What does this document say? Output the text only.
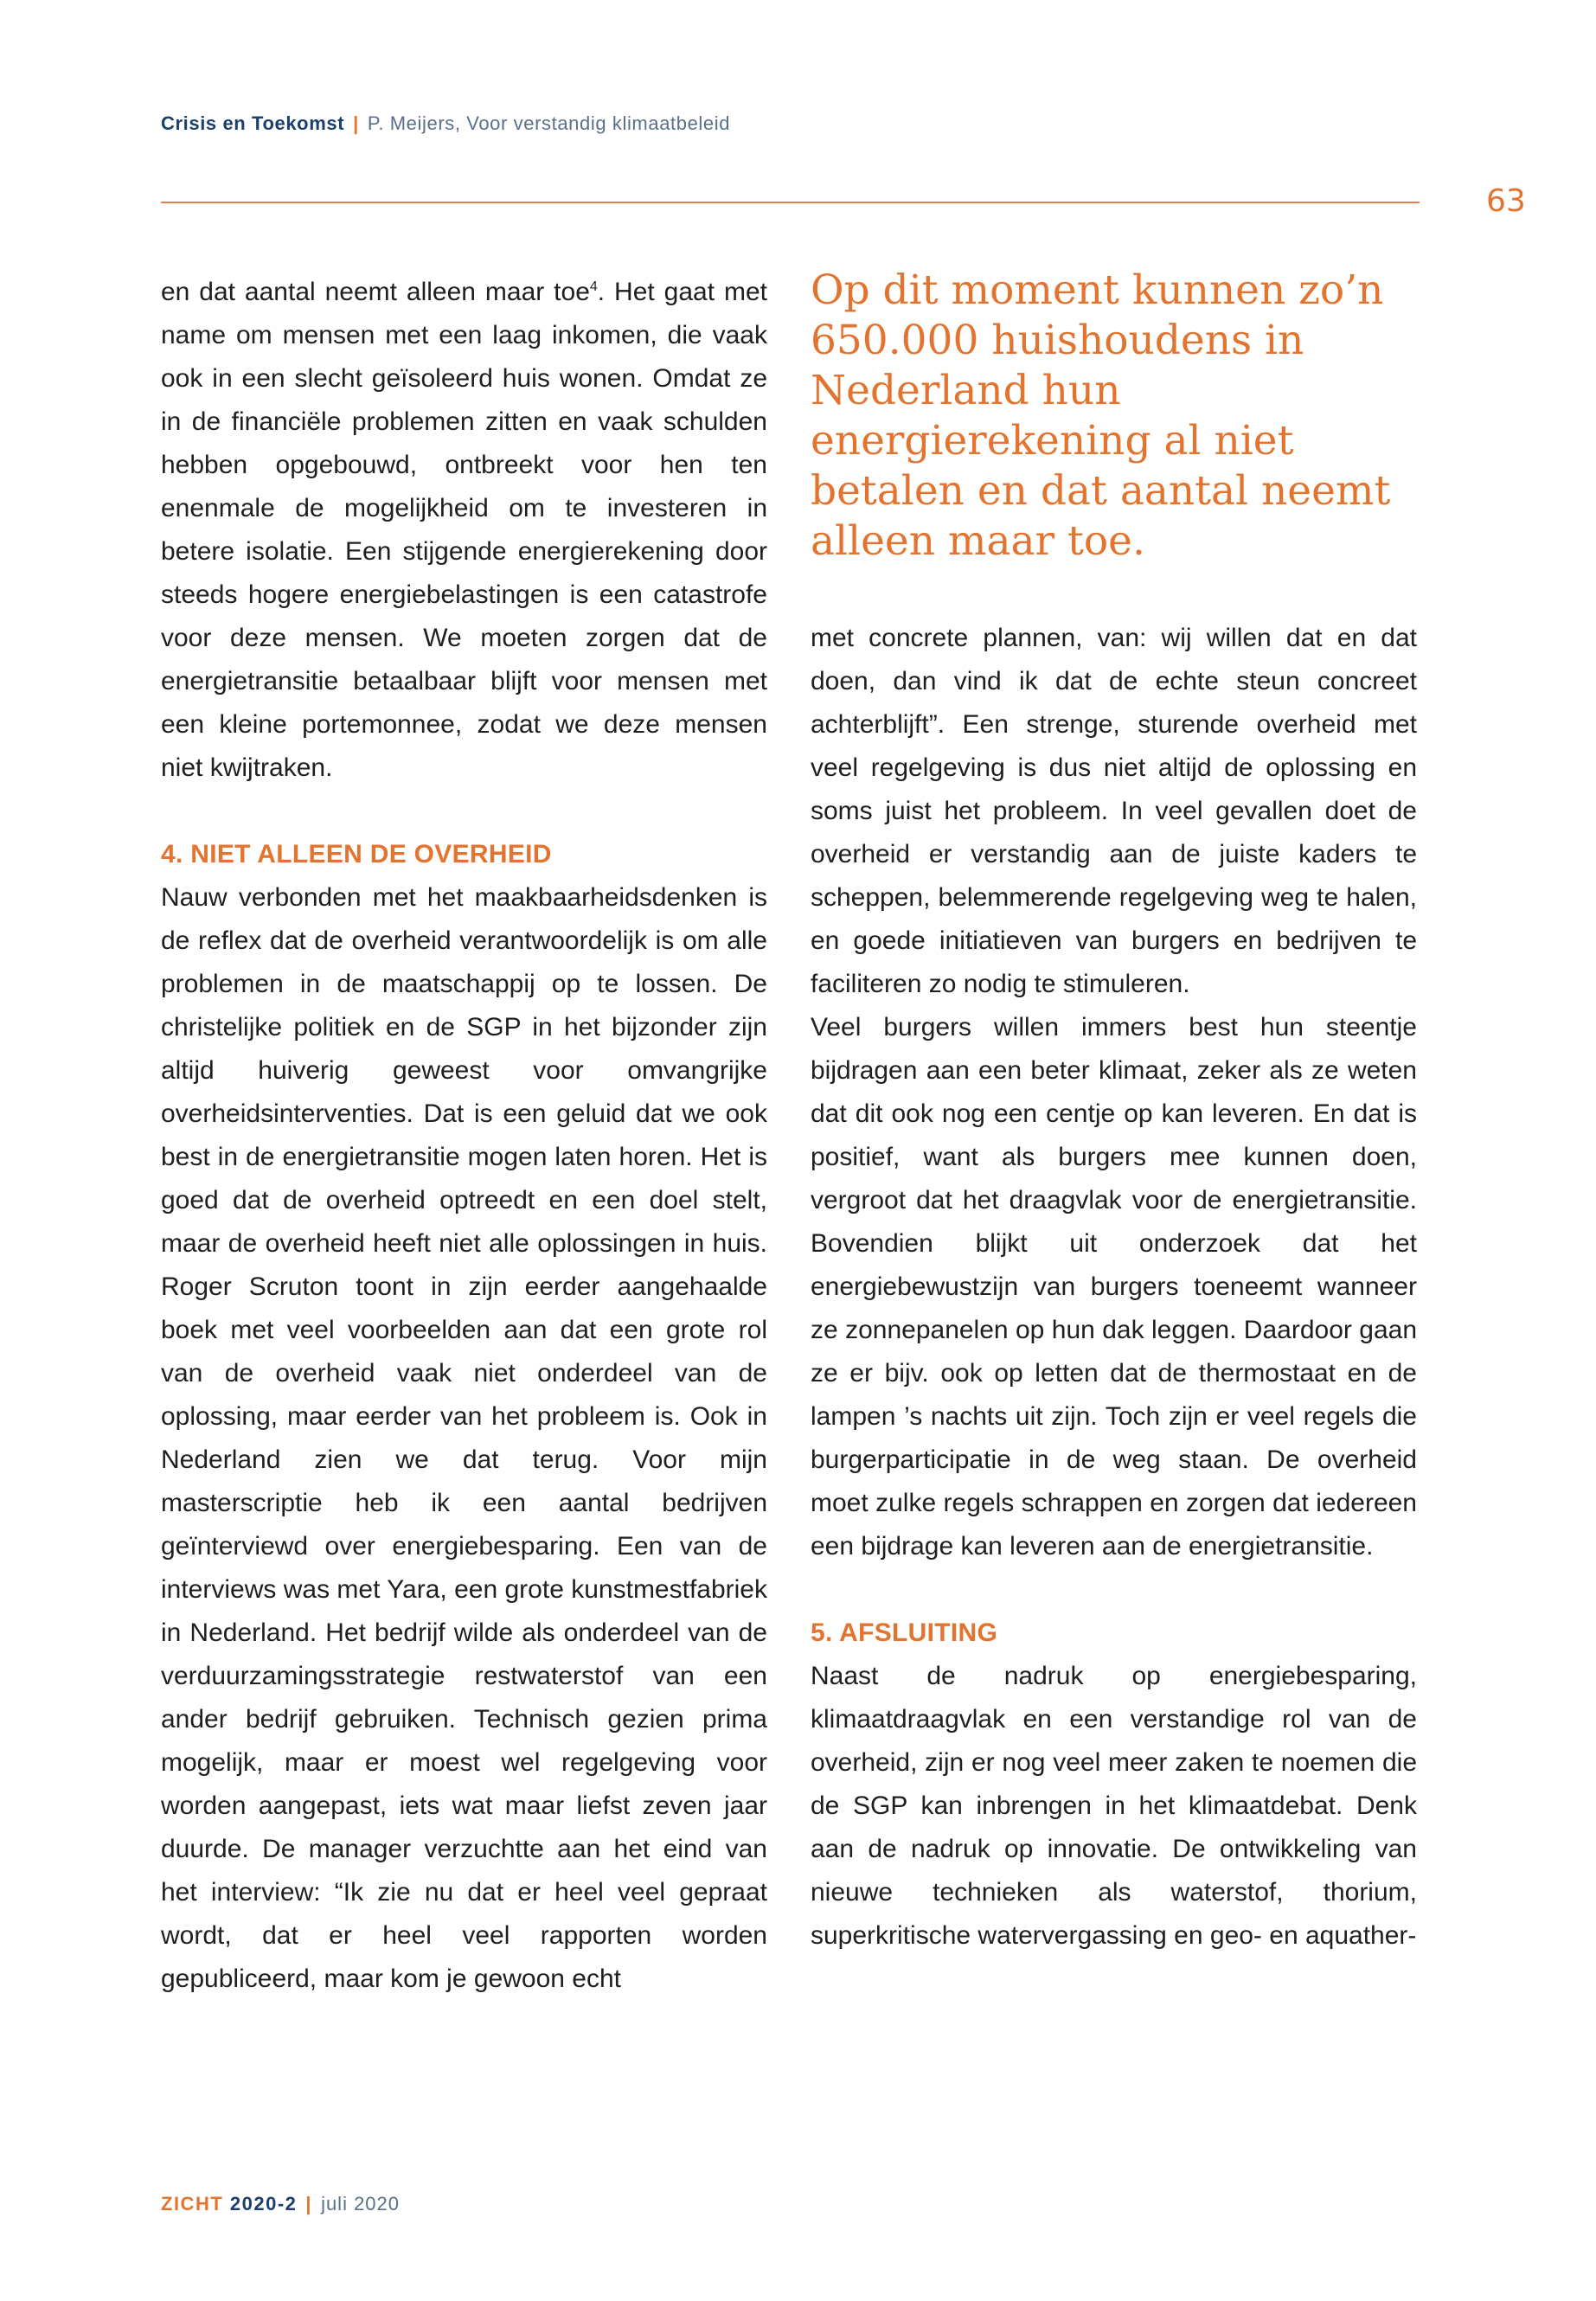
Crisis en Toekomst | P. Meijers, Voor verstandig klimaatbeleid
63

en dat aantal neemt alleen maar toe$^4$. Het gaat met name om mensen met een laag inkomen, die vaak ook in een slecht geïsoleerd huis wonen. Omdat ze in de financiële problemen zitten en vaak schulden hebben opgebouwd, ontbreekt voor hen ten enenmale de mogelijkheid om te investeren in betere isolatie. Een stijgende energierekening door steeds hogere energiebelastingen is een catastrofe voor deze mensen. We moeten zorgen dat de energietransitie betaalbaar blijft voor mensen met een kleine portemonnee, zodat we deze mensen niet kwijtraken.

4. NIET ALLEEN DE OVERHEID

Nauw verbonden met het maakbaarheidsdenken is de reflex dat de overheid verantwoordelijk is om alle problemen in de maatschappij op te lossen. De christelijke politiek en de SGP in het bijzonder zijn altijd huiverig geweest voor omvangrijke overheidsinterventies. Dat is een geluid dat we ook best in de energietransitie mogen laten horen. Het is goed dat de overheid optreedt en een doel stelt, maar de overheid heeft niet alle oplossingen in huis. Roger Scruton toont in zijn eerder aangehaalde boek met veel voorbeelden aan dat een grote rol van de overheid vaak niet onderdeel van de oplossing, maar eerder van het probleem is. Ook in Nederland zien we dat terug. Voor mijn masterscriptie heb ik een aantal bedrijven geïnterviewd over energiebesparing. Een van de interviews was met Yara, een grote kunstmestfabriek in Nederland. Het bedrijf wilde als onderdeel van de verduurzamingsstrategie restwaterstof van een ander bedrijf gebruiken. Technisch gezien prima mogelijk, maar er moest wel regelgeving voor worden aangepast, iets wat maar liefst zeven jaar duurde. De manager verzuchtte aan het eind van het interview: “Ik zie nu dat er heel veel gepraat wordt, dat er heel veel rapporten worden gepubliceerd, maar kom je gewoon echt

Op dit moment kunnen zo’n 650.000 huishoudens in Nederland hun energierekening al niet betalen en dat aantal neemt alleen maar toe.

met concrete plannen, van: wij willen dat en dat doen, dan vind ik dat de echte steun concreet achterblijft”. Een strenge, sturende overheid met veel regelgeving is dus niet altijd de oplossing en soms juist het probleem. In veel gevallen doet de overheid er verstandig aan de juiste kaders te scheppen, belemmerende regelgeving weg te halen, en goede initiatieven van burgers en bedrijven te faciliteren zo nodig te stimuleren.

Veel burgers willen immers best hun steentje bijdragen aan een beter klimaat, zeker als ze weten dat dit ook nog een centje op kan leveren. En dat is positief, want als burgers mee kunnen doen, vergroot dat het draagvlak voor de energietransitie. Bovendien blijkt uit onderzoek dat het energiebewustzijn van burgers toeneemt wanneer ze zonnepanelen op hun dak leggen. Daardoor gaan ze er bijv. ook op letten dat de thermostaat en de lampen ’s nachts uit zijn. Toch zijn er veel regels die burgerparticipatie in de weg staan. De overheid moet zulke regels schrappen en zorgen dat iedereen een bijdrage kan leveren aan de energietransitie.

5. AFSLUITING

Naast de nadruk op energiebesparing, klimaatdraagvlak en een verstandige rol van de overheid, zijn er nog veel meer zaken te noemen die de SGP kan inbrengen in het klimaatdebat. Denk aan de nadruk op innovatie. De ontwikkeling van nieuwe technieken als waterstof, thorium, superkritische watervergassing en geo- en aquather-

ZICHT 2020-2 | juli 2020
